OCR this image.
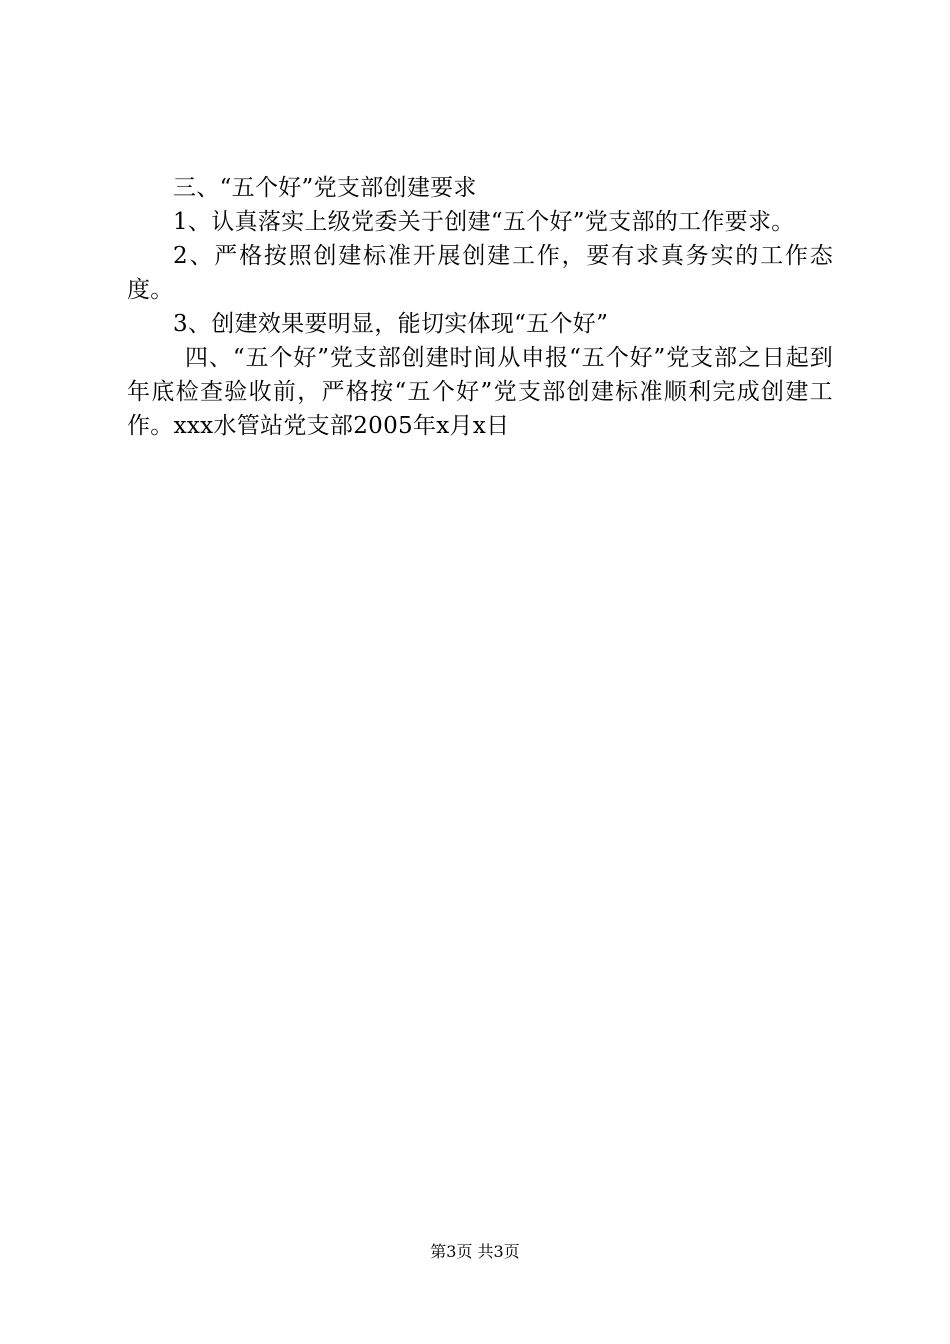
三、“五个好”党支部创建要求

1、认真落实上级党委关于创建“五个好”党支部的工作要求。

2、严格按照创建标准开展创建工作，要有求真务实的工作态度。

3、创建效果要明显，能切实体现“五个好”

四、“五个好”党支部创建时间从申报“五个好”党支部之日起到年底检查验收前，严格按“五个好”党支部创建标准顺利完成创建工作。xxx水管站党支部2005年x月x日

第3页 共3页
